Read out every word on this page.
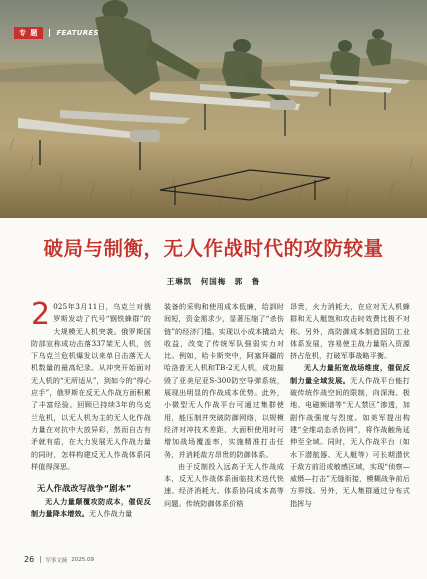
专 题	FEATURES
破局与制衡，无人作战时代的攻防较量
王琳凯　何国梅　郭　鲁

2 025年3月11日，乌克兰对俄罗斯发动了代号“钢铁蜂群”的大规模无人机突袭。俄罗斯国防部宣称成功击落337架无人机，创下乌克兰危机爆发以来单日击落无人机数量的最高纪录。从冲突开始面对无人机的“无所适从”，到如今的“得心应手”，俄罗斯在反无人作战方面积累了丰富经验。回顾已持续3年的乌克兰危机，以无人机为主的无人化作战力量在对抗中大放异彩，然而自古有矛就有盾，在大力发展无人作战力量的同时，怎样构建反无人作战体系同样值得深思。

无人作战改写战争“剧本”

无人力量颠覆攻防成本，催促反制力量降本增效。无人作战力量

装备的采购和使用成本低廉，给訓时间短，资金需求少，显著压缩了“杀伤链”的经济门槛。实现以小成本撬动大收益，改变了传统军队强弱实力对比。例如，哈卡斯突中，阿塞拜疆的哈洛普无人机和TB-2无人机，成功摧毁了亚美尼亚S-300防空导弹系统，展现出明显的作战成本优势。此外，小微型无人作战平台可通过集群使用，能压制并突破防御网络，以规模经济对冲技术差距，大面积使用时可增加战场覆盖率，实施精准打击任务，并消耗敌方昂贵的防御体系。

由于反制投入远高于无人作战成本，反无人作战体系面临技术迭代快速、经济消耗大、体系协同成本高等问题。传统防御体系价格

昂贵，火力消耗大，在应对无人机蜂群和无人艇饱和攻击时效费比极不对称。另外，高防御成本制造国防工业体系发展，容易使主战力量陷入资源挤占危机，打破军事战略平衡。

无人力量拓宽战场维度，催促反制力量全域发展。无人作战平台能打破传统作战空间的限制，向深海、极地、电磁频谱等“无人禁区”渗透，加剧作战强度与烈度。如美军提出构建“全维动态杀伤网”，将作战触角延伸至全域。同时，无人作战平台（如水下潜航器、无人艇等）可长期潜伏于敌方前沿或敏感区域，实现“侦察—威慑—打击”无缝衔接，模糊战争前后方界线。另外，无人集群通过分布式指挥与

26 军事文摘 2025.09
